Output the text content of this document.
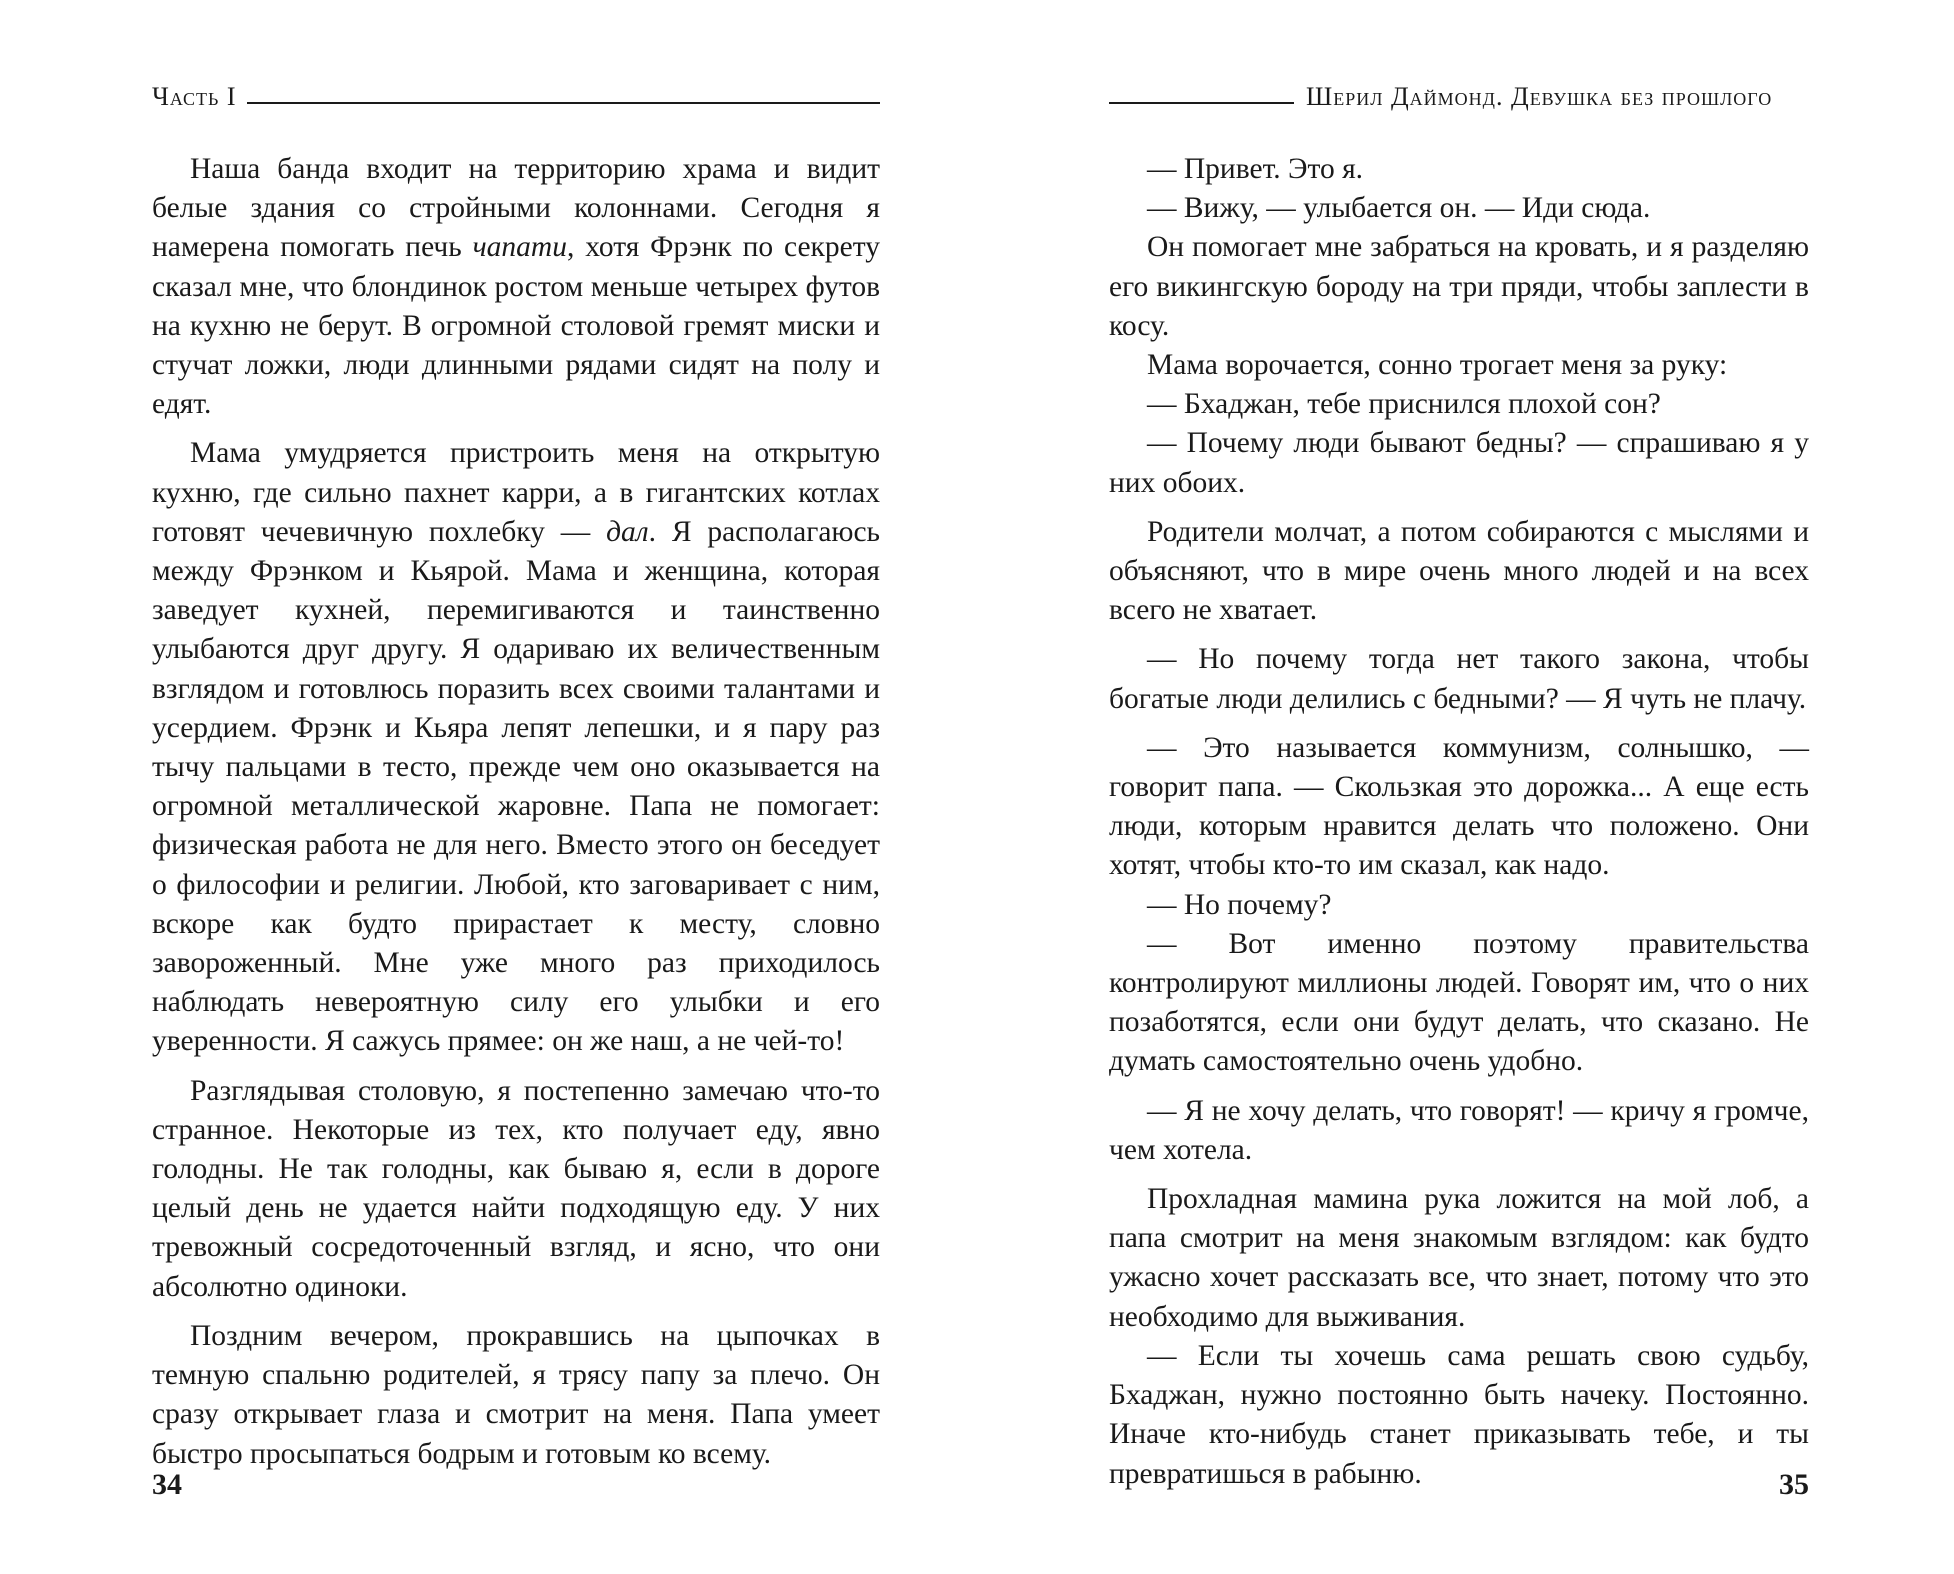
Часть I

Наша банда входит на территорию храма и видит белые здания со стройными колоннами. Сегодня я намерена помогать печь чапати, хотя Фрэнк по секрету сказал мне, что блондинок ростом меньше четырех футов на кухню не берут. В огромной столовой гремят миски и стучат ложки, люди длинными рядами сидят на полу и едят.

Мама умудряется пристроить меня на открытую кухню, где сильно пахнет карри, а в гигантских котлах готовят чечевичную похлебку — дал. Я располагаюсь между Фрэнком и Кьярой. Мама и женщина, которая заведует кухней, перемигиваются и таинственно улыбаются друг другу. Я одариваю их величественным взглядом и готовлюсь поразить всех своими талантами и усердием. Фрэнк и Кьяра лепят лепешки, и я пару раз тычу пальцами в тесто, прежде чем оно оказывается на огромной металлической жаровне. Папа не помогает: физическая работа не для него. Вместо этого он беседует о философии и религии. Любой, кто заговаривает с ним, вскоре как будто прирастает к месту, словно завороженный. Мне уже много раз приходилось наблюдать невероятную силу его улыбки и его уверенности. Я сажусь прямее: он же наш, а не чей-то!

Разглядывая столовую, я постепенно замечаю что-то странное. Некоторые из тех, кто получает еду, явно голодны. Не так голодны, как бываю я, если в дороге целый день не удается найти подходящую еду. У них тревожный сосредоточенный взгляд, и ясно, что они абсолютно одиноки.

Поздним вечером, прокравшись на цыпочках в темную спальню родителей, я трясу папу за плечо. Он сразу открывает глаза и смотрит на меня. Папа умеет быстро просыпаться бодрым и готовым ко всему.

34
Шерил Даймонд. Девушка без прошлого

— Привет. Это я.

— Вижу, — улыбается он. — Иди сюда.

Он помогает мне забраться на кровать, и я разделяю его викингскую бороду на три пряди, чтобы заплести в косу.

Мама ворочается, сонно трогает меня за руку:

— Бхаджан, тебе приснился плохой сон?

— Почему люди бывают бедны? — спрашиваю я у них обоих.

Родители молчат, а потом собираются с мыслями и объясняют, что в мире очень много людей и на всех всего не хватает.

— Но почему тогда нет такого закона, чтобы богатые люди делились с бедными? — Я чуть не плачу.

— Это называется коммунизм, солнышко, — говорит папа. — Скользкая это дорожка... А еще есть люди, которым нравится делать что положено. Они хотят, чтобы кто-то им сказал, как надо.

— Но почему?

— Вот именно поэтому правительства контролируют миллионы людей. Говорят им, что о них позаботятся, если они будут делать, что сказано. Не думать самостоятельно очень удобно.

— Я не хочу делать, что говорят! — кричу я громче, чем хотела.

Прохладная мамина рука ложится на мой лоб, а папа смотрит на меня знакомым взглядом: как будто ужасно хочет рассказать все, что знает, потому что это необходимо для выживания.

— Если ты хочешь сама решать свою судьбу, Бхаджан, нужно постоянно быть начеку. Постоянно. Иначе кто-нибудь станет приказывать тебе, и ты превратишься в рабыню.	35
